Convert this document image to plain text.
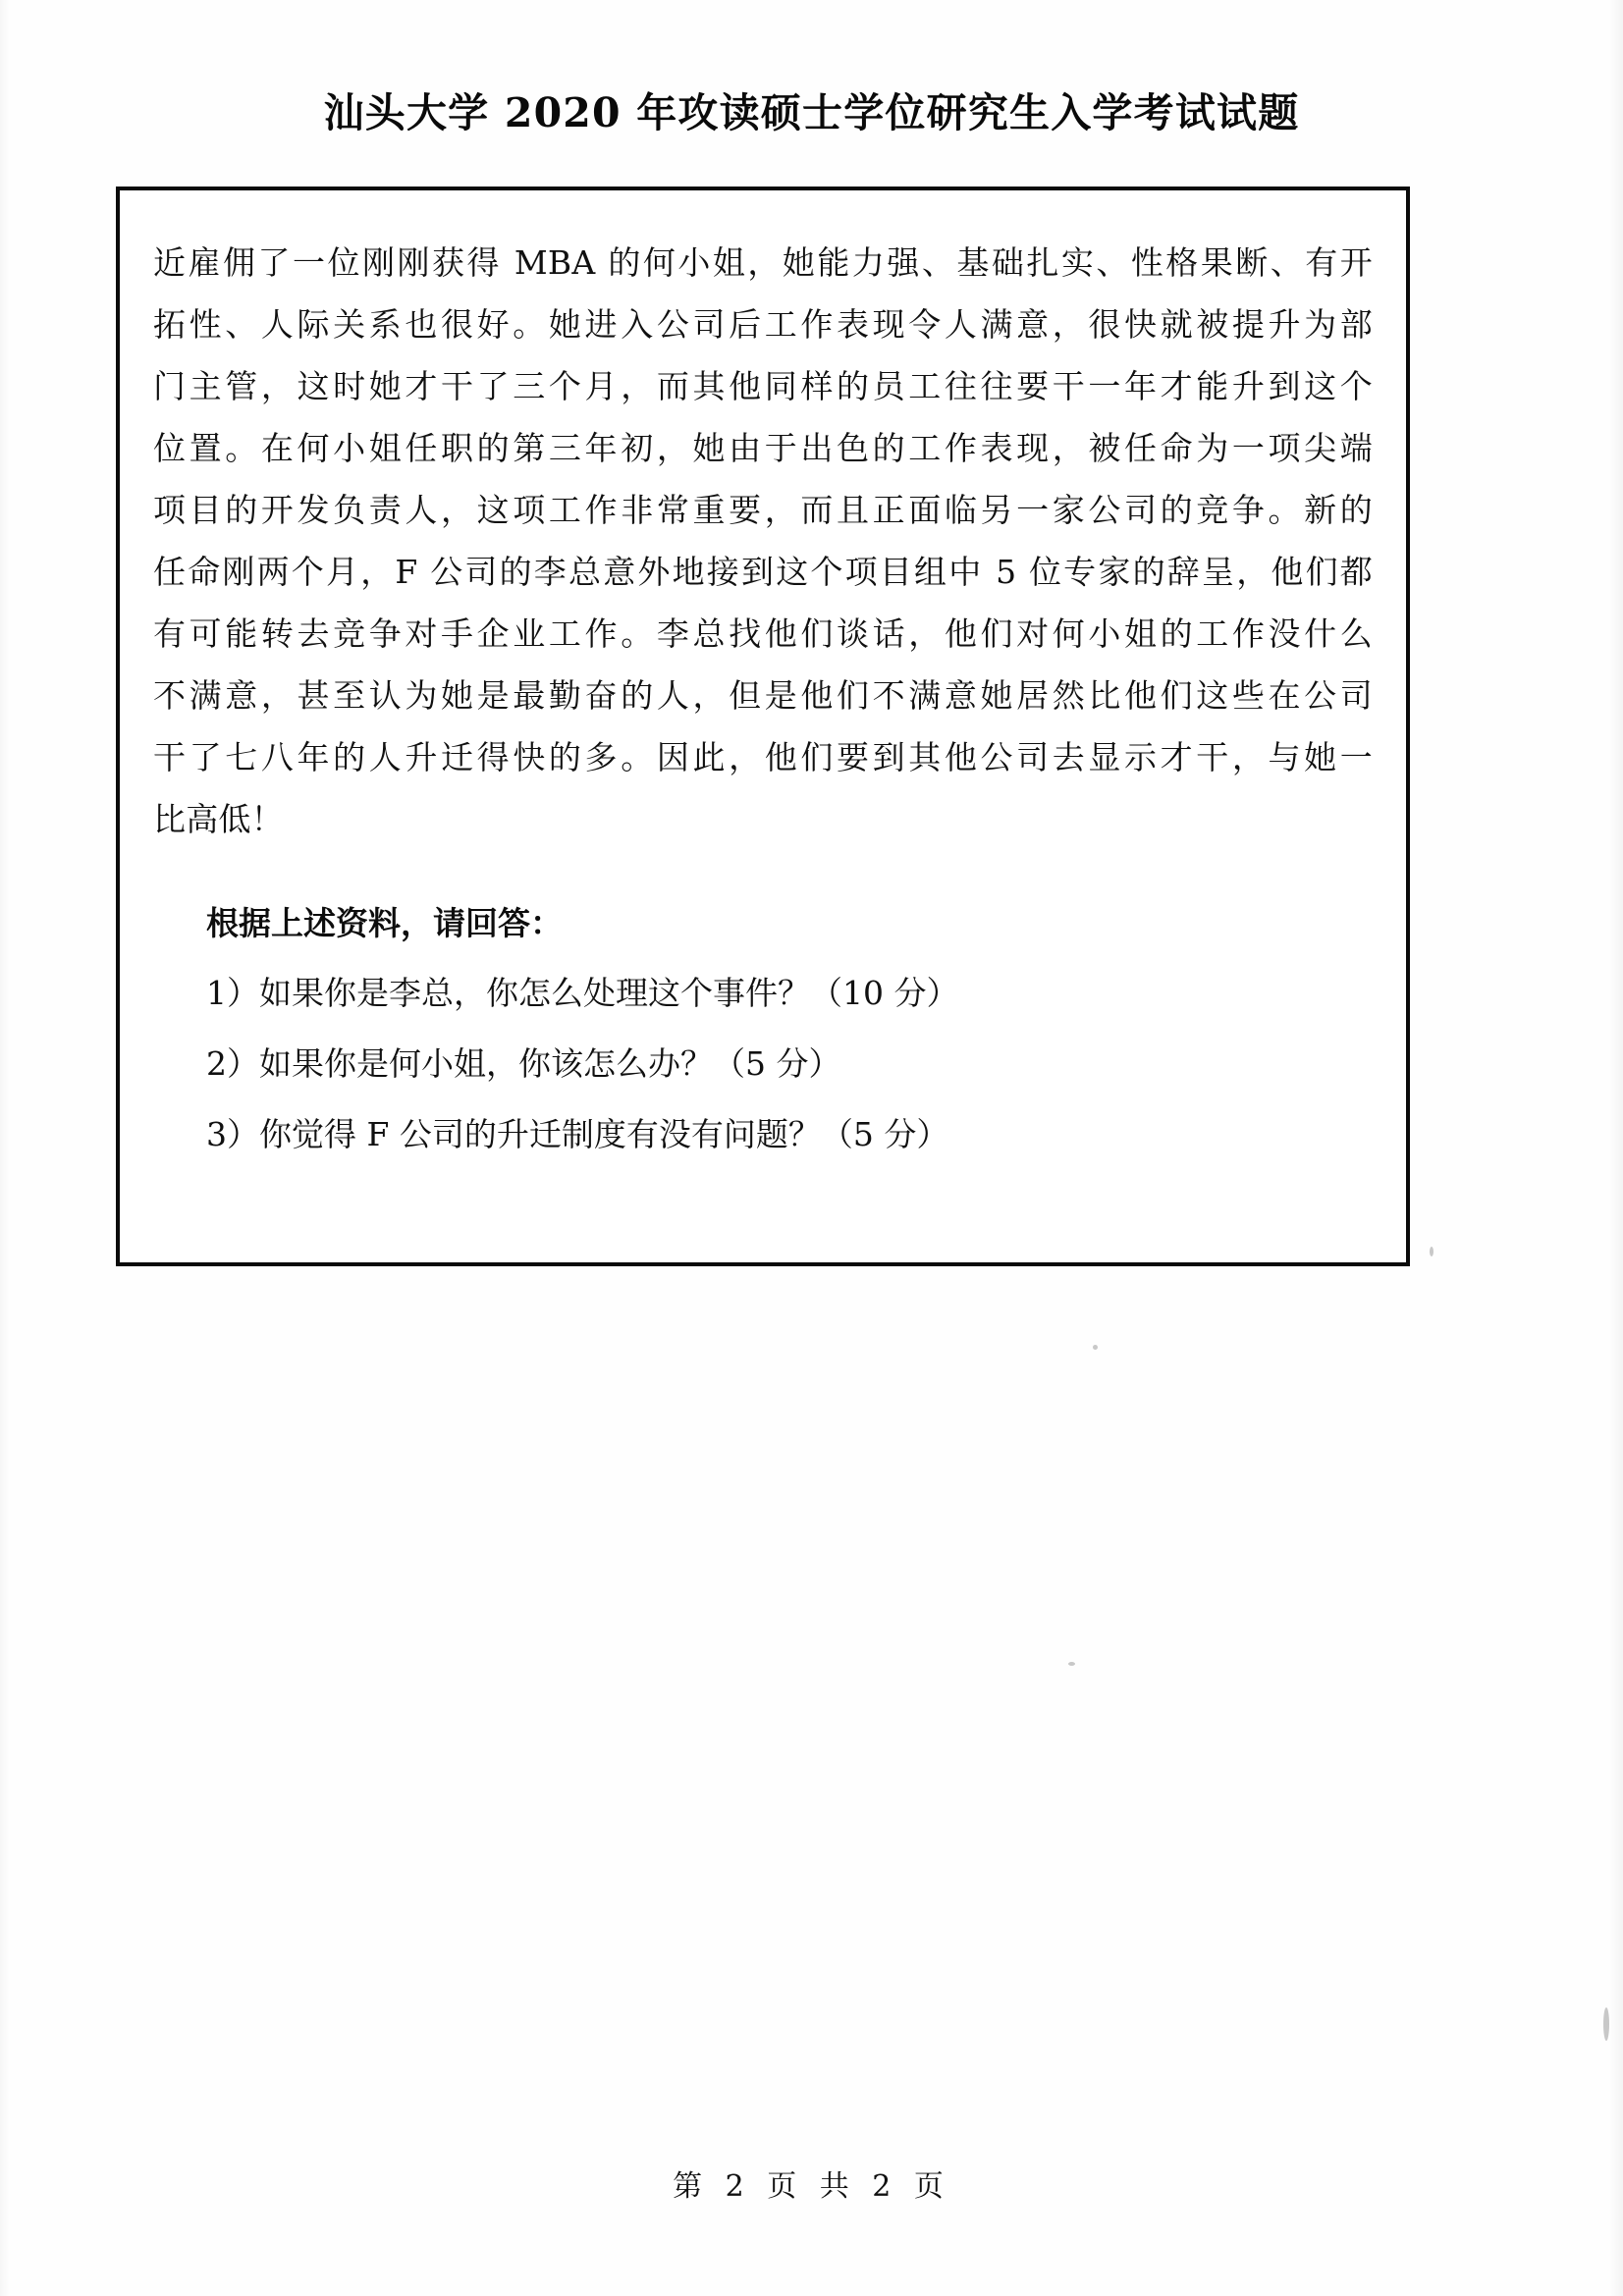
汕头大学 2020 年攻读硕士学位研究生入学考试试题
近雇佣了一位刚刚获得 MBA 的何小姐，她能力强、基础扎实、性格果断、有开
拓性、人际关系也很好。她进入公司后工作表现令人满意，很快就被提升为部
门主管，这时她才干了三个月，而其他同样的员工往往要干一年才能升到这个
位置。在何小姐任职的第三年初，她由于出色的工作表现，被任命为一项尖端
项目的开发负责人，这项工作非常重要，而且正面临另一家公司的竞争。新的
任命刚两个月，F 公司的李总意外地接到这个项目组中 5 位专家的辞呈，他们都
有可能转去竞争对手企业工作。李总找他们谈话，他们对何小姐的工作没什么
不满意，甚至认为她是最勤奋的人，但是他们不满意她居然比他们这些在公司
干了七八年的人升迁得快的多。因此，他们要到其他公司去显示才干，与她一
比高低！
根据上述资料，请回答：
1）如果你是李总，你怎么处理这个事件？（10 分）
2）如果你是何小姐，你该怎么办？（5 分）
3）你觉得 F 公司的升迁制度有没有问题？（5 分）
第 2 页 共 2 页
